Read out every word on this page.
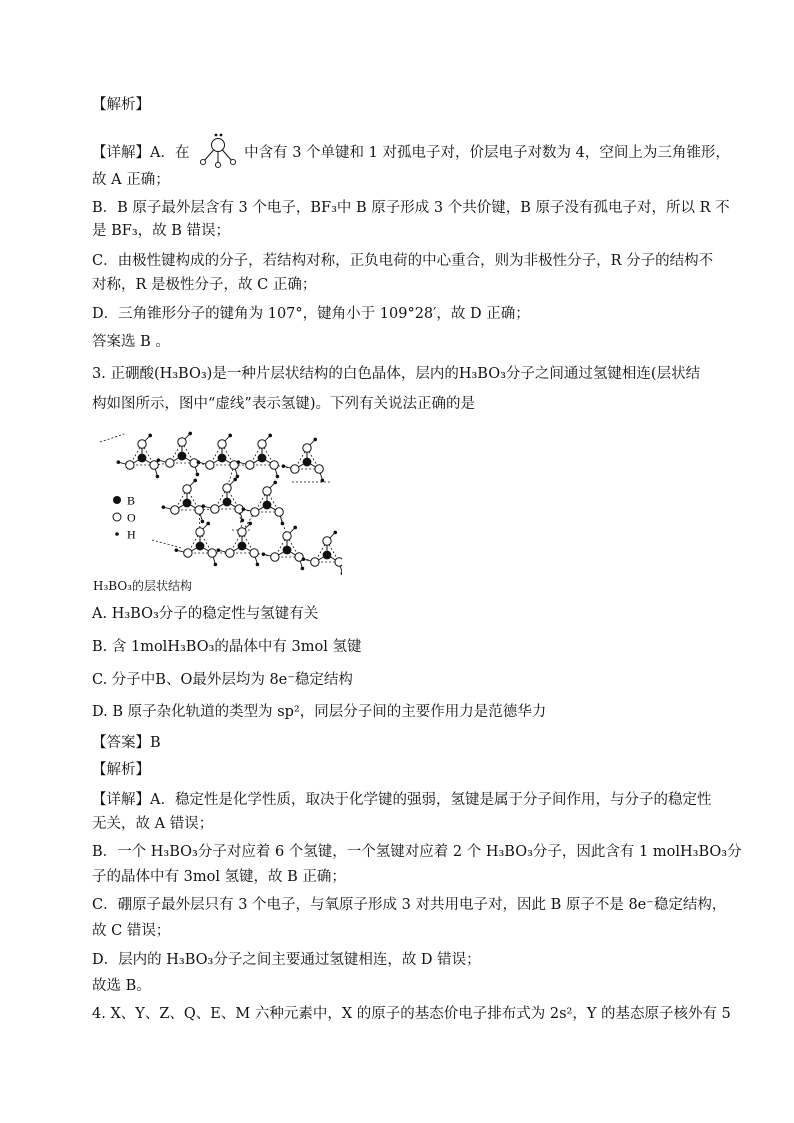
【解析】
【详解】A．在	中含有 3 个单键和 1 对孤电子对，价层电子对数为 4，空间上为三角锥形，
故 A 正确；
B．B 原子最外层含有 3 个电子，BF₃中 B 原子形成 3 个共价键，B 原子没有孤电子对，所以 R 不
是 BF₃，故 B 错误；
C．由极性键构成的分子，若结构对称，正负电荷的中心重合，则为非极性分子，R 分子的结构不
对称，R 是极性分子，故 C 正确；
D．三角锥形分子的键角为 107°，键角小于 109°28′，故 D 正确；
答案选 B 。
3. 正硼酸(H₃BO₃)是一种片层状结构的白色晶体，层内的H₃BO₃分子之间通过氢键相连(层状结
构如图所示，图中“虚线”表示氢键)。下列有关说法正确的是
B
O
H
H₃BO₃的层状结构
A. H₃BO₃分子的稳定性与氢键有关
B. 含 1molH₃BO₃的晶体中有 3mol 氢键
C. 分子中B、O最外层均为 8e⁻稳定结构
D. B 原子杂化轨道的类型为 sp²，同层分子间的主要作用力是范德华力
【答案】B
【解析】
【详解】A．稳定性是化学性质，取决于化学键的强弱，氢键是属于分子间作用，与分子的稳定性
无关，故 A 错误；
B．一个 H₃BO₃分子对应着 6 个氢键，一个氢键对应着 2 个 H₃BO₃分子，因此含有 1 molH₃BO₃分
子的晶体中有 3mol 氢键，故 B 正确；
C．硼原子最外层只有 3 个电子，与氧原子形成 3 对共用电子对，因此 B 原子不是 8e⁻稳定结构，
故 C 错误；
D．层内的 H₃BO₃分子之间主要通过氢键相连，故 D 错误；
故选 B。
4. X、Y、Z、Q、E、M 六种元素中，X 的原子的基态价电子排布式为 2s²，Y 的基态原子核外有 5
